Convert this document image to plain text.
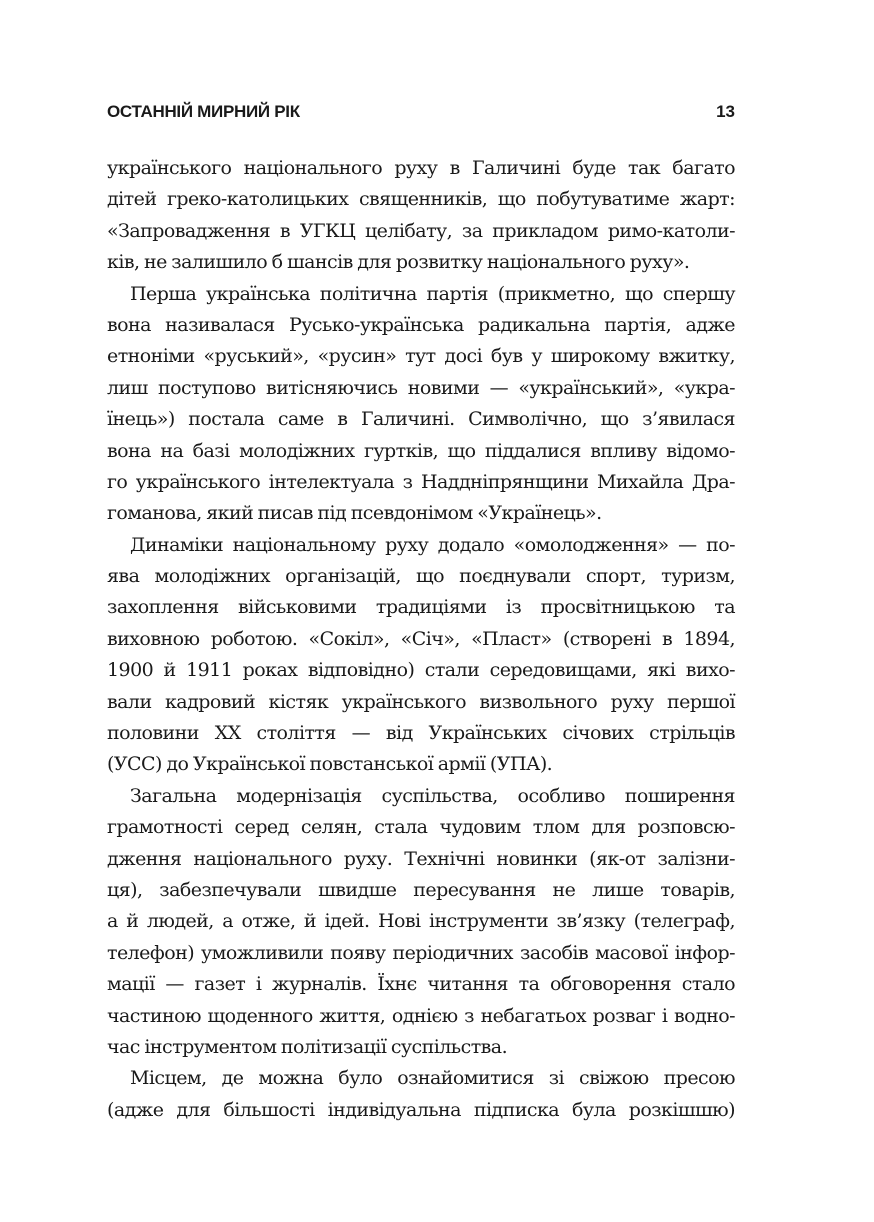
ОСТАННІЙ МИРНИЙ РІК	13
українського національного руху в Галичині буде так багато
дітей греко-католицьких священників, що побутуватиме жарт:
«Запровадження в УГКЦ целібату, за прикладом римо-католи-
ків, не залишило б шансів для розвитку національного руху».
Перша українська політична партія (прикметно, що спершу
вона називалася Русько-українська радикальна партія, адже
етноніми «руський», «русин» тут досі був у широкому вжитку,
лиш поступово витісняючись новими — «український», «укра-
їнець») постала саме в Галичині. Символічно, що з’явилася
вона на базі молодіжних гуртків, що піддалися впливу відомо-
го українського інтелектуала з Наддніпрянщини Михайла Дра-
гоманова, який писав під псевдонімом «Українець».
Динаміки національному руху додало «омолодження» — по-
ява молодіжних організацій, що поєднували спорт, туризм,
захоплення військовими традиціями із просвітницькою та
виховною роботою. «Сокіл», «Січ», «Пласт» (створені в 1894,
1900 й 1911 роках відповідно) стали середовищами, які вихо-
вали кадровий кістяк українського визвольного руху першої
половини ХХ століття — від Українських січових стрільців
(УСС) до Української повстанської армії (УПА).
Загальна модернізація суспільства, особливо поширення
грамотності серед селян, стала чудовим тлом для розповсю-
дження національного руху. Технічні новинки (як-от залізни-
ця), забезпечували швидше пересування не лише товарів,
а й людей, а отже, й ідей. Нові інструменти зв’язку (телеграф,
телефон) уможливили появу періодичних засобів масової інфор-
мації — газет і журналів. Їхнє читання та обговорення стало
частиною щоденного життя, однією з небагатьох розваг і водно-
час інструментом політизації суспільства.
Місцем, де можна було ознайомитися зі свіжою пресою
(адже для більшості індивідуальна підписка була розкішшю)
